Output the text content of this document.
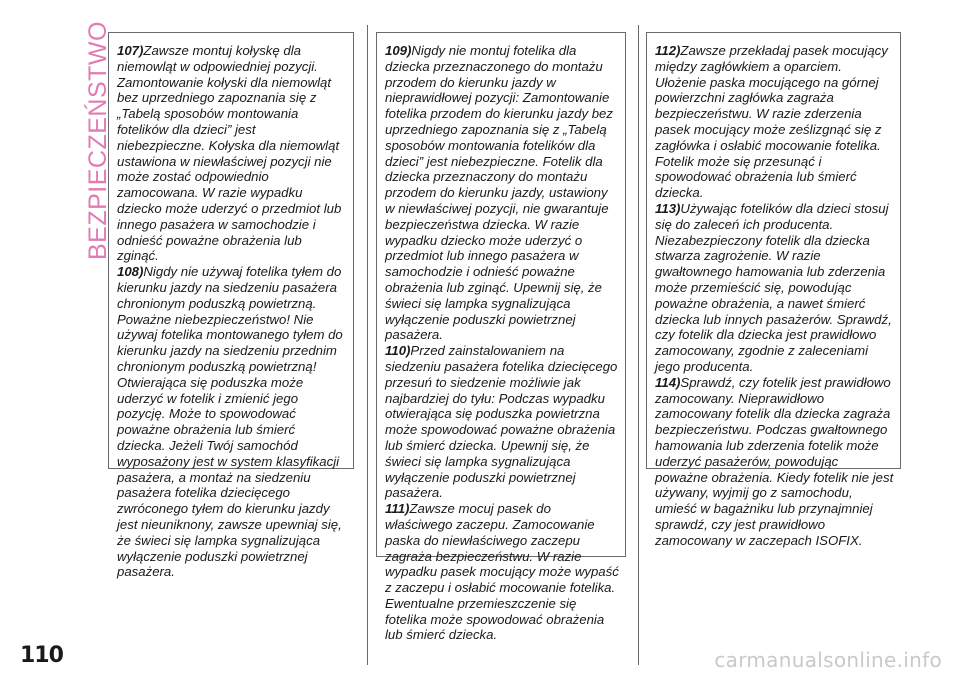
BEZPIECZEŃSTWO 107)Zawsze montuj kołyskę dla niemowląt w odpowiedniej pozycji. Zamontowanie kołyski dla niemowląt bez uprzedniego zapoznania się z „Tabelą sposobów montowania fotelików dla dzieci” jest niebezpieczne. Kołyska dla niemowląt ustawiona w niewłaściwej pozycji nie może zostać odpowiednio zamocowana. W razie wypadku dziecko może uderzyć o przedmiot lub innego pasażera w samochodzie i odnieść poważne obrażenia lub zginąć.

108)Nigdy nie używaj fotelika tyłem do kierunku jazdy na siedzeniu pasażera chronionym poduszką powietrzną. Poważne niebezpieczeństwo! Nie używaj fotelika montowanego tyłem do kierunku jazdy na siedzeniu przednim chronionym poduszką powietrzną! Otwierająca się poduszka może uderzyć w fotelik i zmienić jego pozycję. Może to spowodować poważne obrażenia lub śmierć dziecka. Jeżeli Twój samochód wyposażony jest w system klasyfikacji pasażera, a montaż na siedzeniu pasażera fotelika dziecięcego zwróconego tyłem do kierunku jazdy jest nieuniknony, zawsze upewniaj się, że świeci się lampka sygnalizująca wyłączenie poduszki powietrznej pasażera.

109)Nigdy nie montuj fotelika dla dziecka przeznaczonego do montażu przodem do kierunku jazdy w nieprawidłowej pozycji: Zamontowanie fotelika przodem do kierunku jazdy bez uprzedniego zapoznania się z „Tabelą sposobów montowania fotelików dla dzieci” jest niebezpieczne. Fotelik dla dziecka przeznaczony do montażu przodem do kierunku jazdy, ustawiony w niewłaściwej pozycji, nie gwarantuje bezpieczeństwa dziecka. W razie wypadku dziecko może uderzyć o przedmiot lub innego pasażera w samochodzie i odnieść poważne obrażenia lub zginąć. Upewnij się, że świeci się lampka sygnalizująca wyłączenie poduszki powietrznej pasażera.

110)Przed zainstalowaniem na siedzeniu pasażera fotelika dziecięcego przesuń to siedzenie możliwie jak najbardziej do tyłu: Podczas wypadku otwierająca się poduszka powietrzna może spowodować poważne obrażenia lub śmierć dziecka. Upewnij się, że świeci się lampka sygnalizująca wyłączenie poduszki powietrznej pasażera.

111)Zawsze mocuj pasek do właściwego zaczepu. Zamocowanie paska do niewłaściwego zaczepu zagraża bezpieczeństwu. W razie wypadku pasek mocujący może wypaść z zaczepu i osłabić mocowanie fotelika. Ewentualne przemieszczenie się fotelika może spowodować obrażenia lub śmierć dziecka.

112)Zawsze przekładaj pasek mocujący między zagłówkiem a oparciem. Ułożenie paska mocującego na górnej powierzchni zagłówka zagraża bezpieczeństwu. W razie zderzenia pasek mocujący może ześlizgnąć się z zagłówka i osłabić mocowanie fotelika. Fotelik może się przesunąć i spowodować obrażenia lub śmierć dziecka.

113)Używając fotelików dla dzieci stosuj się do zaleceń ich producenta. Niezabezpieczony fotelik dla dziecka stwarza zagrożenie. W razie gwałtownego hamowania lub zderzenia może przemieścić się, powodując poważne obrażenia, a nawet śmierć dziecka lub innych pasażerów. Sprawdź, czy fotelik dla dziecka jest prawidłowo zamocowany, zgodnie z zaleceniami jego producenta.

114)Sprawdź, czy fotelik jest prawidłowo zamocowany. Nieprawidłowo zamocowany fotelik dla dziecka zagraża bezpieczeństwu. Podczas gwałtownego hamowania lub zderzenia fotelik może uderzyć pasażerów, powodując poważne obrażenia. Kiedy fotelik nie jest używany, wyjmij go z samochodu, umieść w bagażniku lub przynajmniej sprawdź, czy jest prawidłowo zamocowany w zaczepach ISOFIX.

110	carmanualsonline.info
